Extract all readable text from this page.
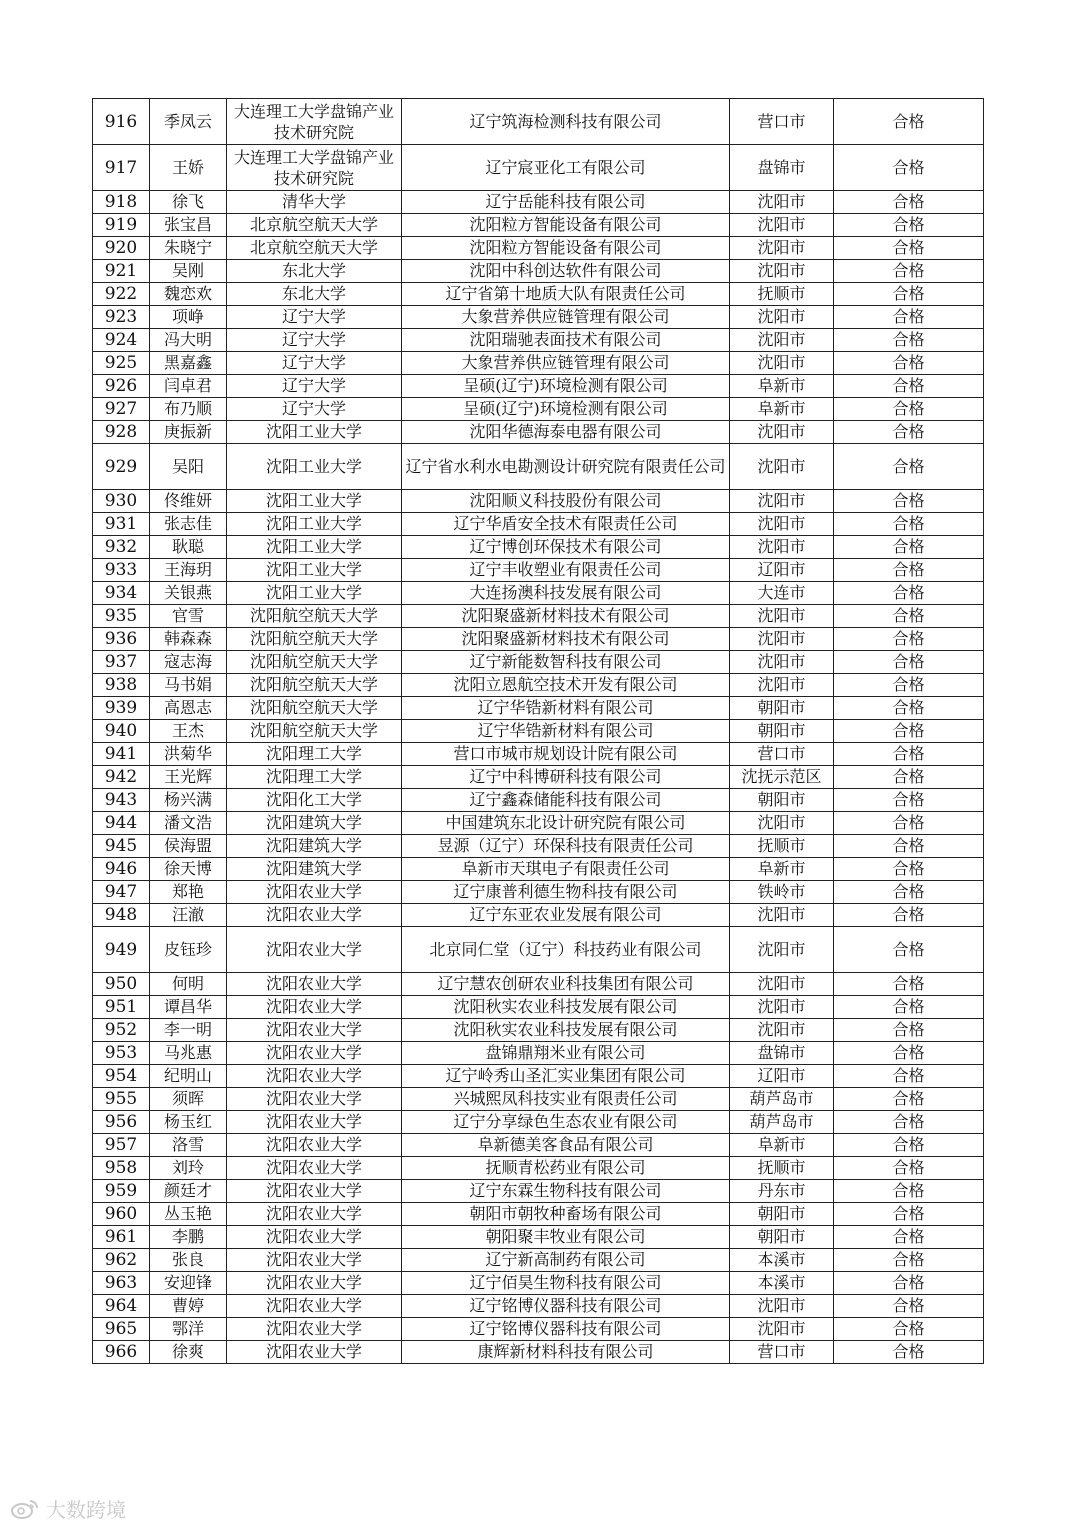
916	季凤云	大连理工大学盘锦产业技术研究院	辽宁筑海检测科技有限公司	营口市	合格
917	王娇	大连理工大学盘锦产业技术研究院	辽宁宸亚化工有限公司	盘锦市	合格
918	徐飞	清华大学	辽宁岳能科技有限公司	沈阳市	合格
919	张宝昌	北京航空航天大学	沈阳粒方智能设备有限公司	沈阳市	合格
920	朱晓宁	北京航空航天大学	沈阳粒方智能设备有限公司	沈阳市	合格
921	吴刚	东北大学	沈阳中科创达软件有限公司	沈阳市	合格
922	魏恋欢	东北大学	辽宁省第十地质大队有限责任公司	抚顺市	合格
923	项峥	辽宁大学	大象营养供应链管理有限公司	沈阳市	合格
924	冯大明	辽宁大学	沈阳瑞驰表面技术有限公司	沈阳市	合格
925	黑嘉鑫	辽宁大学	大象营养供应链管理有限公司	沈阳市	合格
926	闫卓君	辽宁大学	呈硕(辽宁)环境检测有限公司	阜新市	合格
927	布乃顺	辽宁大学	呈硕(辽宁)环境检测有限公司	阜新市	合格
928	庚振新	沈阳工业大学	沈阳华德海泰电器有限公司	沈阳市	合格
929	吴阳	沈阳工业大学	辽宁省水利水电勘测设计研究院有限责任公司	沈阳市	合格
930	佟维妍	沈阳工业大学	沈阳顺义科技股份有限公司	沈阳市	合格
931	张志佳	沈阳工业大学	辽宁华盾安全技术有限责任公司	沈阳市	合格
932	耿聪	沈阳工业大学	辽宁博创环保技术有限公司	沈阳市	合格
933	王海玥	沈阳工业大学	辽宁丰收塑业有限责任公司	辽阳市	合格
934	关银燕	沈阳工业大学	大连扬澳科技发展有限公司	大连市	合格
935	官雪	沈阳航空航天大学	沈阳聚盛新材料技术有限公司	沈阳市	合格
936	韩森森	沈阳航空航天大学	沈阳聚盛新材料技术有限公司	沈阳市	合格
937	寇志海	沈阳航空航天大学	辽宁新能数智科技有限公司	沈阳市	合格
938	马书娟	沈阳航空航天大学	沈阳立恩航空技术开发有限公司	沈阳市	合格
939	高恩志	沈阳航空航天大学	辽宁华锆新材料有限公司	朝阳市	合格
940	王杰	沈阳航空航天大学	辽宁华锆新材料有限公司	朝阳市	合格
941	洪菊华	沈阳理工大学	营口市城市规划设计院有限公司	营口市	合格
942	王光辉	沈阳理工大学	辽宁中科博研科技有限公司	沈抚示范区	合格
943	杨兴满	沈阳化工大学	辽宁鑫森储能科技有限公司	朝阳市	合格
944	潘文浩	沈阳建筑大学	中国建筑东北设计研究院有限公司	沈阳市	合格
945	侯海盟	沈阳建筑大学	昱源（辽宁）环保科技有限责任公司	抚顺市	合格
946	徐天博	沈阳建筑大学	阜新市天琪电子有限责任公司	阜新市	合格
947	郑艳	沈阳农业大学	辽宁康普利德生物科技有限公司	铁岭市	合格
948	汪澈	沈阳农业大学	辽宁东亚农业发展有限公司	沈阳市	合格
949	皮钰珍	沈阳农业大学	北京同仁堂（辽宁）科技药业有限公司	沈阳市	合格
950	何明	沈阳农业大学	辽宁慧农创研农业科技集团有限公司	沈阳市	合格
951	谭昌华	沈阳农业大学	沈阳秋实农业科技发展有限公司	沈阳市	合格
952	李一明	沈阳农业大学	沈阳秋实农业科技发展有限公司	沈阳市	合格
953	马兆惠	沈阳农业大学	盘锦鼎翔米业有限公司	盘锦市	合格
954	纪明山	沈阳农业大学	辽宁岭秀山圣汇实业集团有限公司	辽阳市	合格
955	须晖	沈阳农业大学	兴城熙凤科技实业有限责任公司	葫芦岛市	合格
956	杨玉红	沈阳农业大学	辽宁分享绿色生态农业有限公司	葫芦岛市	合格
957	洛雪	沈阳农业大学	阜新德美客食品有限公司	阜新市	合格
958	刘玲	沈阳农业大学	抚顺青松药业有限公司	抚顺市	合格
959	颜廷才	沈阳农业大学	辽宁东霖生物科技有限公司	丹东市	合格
960	丛玉艳	沈阳农业大学	朝阳市朝牧种畜场有限公司	朝阳市	合格
961	李鹏	沈阳农业大学	朝阳聚丰牧业有限公司	朝阳市	合格
962	张良	沈阳农业大学	辽宁新高制药有限公司	本溪市	合格
963	安迎锋	沈阳农业大学	辽宁佰昊生物科技有限公司	本溪市	合格
964	曹婷	沈阳农业大学	辽宁铭博仪器科技有限公司	沈阳市	合格
965	鄂洋	沈阳农业大学	辽宁铭博仪器科技有限公司	沈阳市	合格
966	徐爽	沈阳农业大学	康辉新材料科技有限公司	营口市	合格
大数跨境
